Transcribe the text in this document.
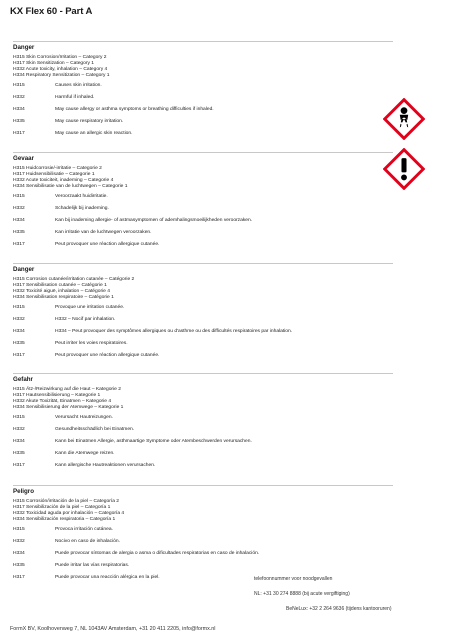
KX Flex 60 - Part A
Danger
H315 Skin Corrosion/Irritation – Category 2
H317 Skin Sensitization – Category 1
H332 Acute toxicity, inhalation – Category 4
H334 Respiratory Sensitization – Category 1
H315	Causes skin irritation.
H332	Harmful if inhaled.
H334	May cause allergy or asthma symptoms or breathing difficulties if inhaled.
H335	May cause respiratory irritation.
H317	May cause an allergic skin reaction.
Gevaar
H315 Huidcorrosie/-irritatie – Categorie 2
H317 Huidsensibilisatie – Categorie 1
H332 Acute toxiciteit, inademing – Categorie 4
H334 Sensibilisatie van de luchtwegen – Categorie 1
H315	Veroorzaakt huidirritatie.
H332	Schadelijk bij inademing.
H334	Kan bij inademing allergie- of astmasymptomen of ademhalingsmoeilijkheden veroorzaken.
H335	Kan irritatie van de luchtwegen veroorzaken.
H317	Peut provoquer une réaction allergique cutanée.
Danger
H315 Corrosion cutanée/irritation cutanée – Catégorie 2
H317 Sensibilisation cutanée – Catégorie 1
H332 Toxicité aiguë, inhalation – Catégorie 4
H334 Sensibilisation respiratoire – Catégorie 1
H315	Provoque une irritation cutanée.
H332	H332 – Nocif par inhalation.
H334	H334 – Peut provoquer des symptômes allergiques ou d'asthme ou des difficultés respiratoires par inhalation.
H335	Peut irriter les voies respiratoires.
H317	Peut provoquer une réaction allergique cutanée.
Gefahr
H315 Ätz-/Reizwirkung auf die Haut – Kategorie 2
H317 Hautsensibilisierung – Kategorie 1
H332 Akute Toxizität, Einatmen – Kategorie 4
H334 Sensibilisierung der Atemwege – Kategorie 1
H315	Verursacht Hautreizungen.
H332	Gesundheitsschädlich bei Einatmen.
H334	Kann bei Einatmen Allergie, asthmaartige Symptome oder Atembeschwerden verursachen.
H335	Kann die Atemwege reizen.
H317	Kann allergische Hautreaktionen verursachen.
Peligro
H315 Corrosión/irritación de la piel – Categoría 2
H317 Sensibilización de la piel – Categoría 1
H332 Toxicidad aguda por inhalación – Categoría 4
H334 Sensibilización respiratoria – Categoría 1
H315	Provoca irritación cutánea.
H332	Nocivo en caso de inhalación.
H334	Puede provocar síntomas de alergia o asma o dificultades respiratorias en caso de inhalación.
H335	Puede irritar las vías respiratorias.
H317	Puede provocar una reacción alérgica en la piel.
	telefoonnummer voor noodgevallen
NL: +31 30 274 8888 (bij acute vergiftiging)
BeNeLux: +32 2 264 9636 (tijdens kantooruren)
FormX BV, Koolhovenweg 7, NL 1043AV Amsterdam, +31 20 411 2205, info@formx.nl
